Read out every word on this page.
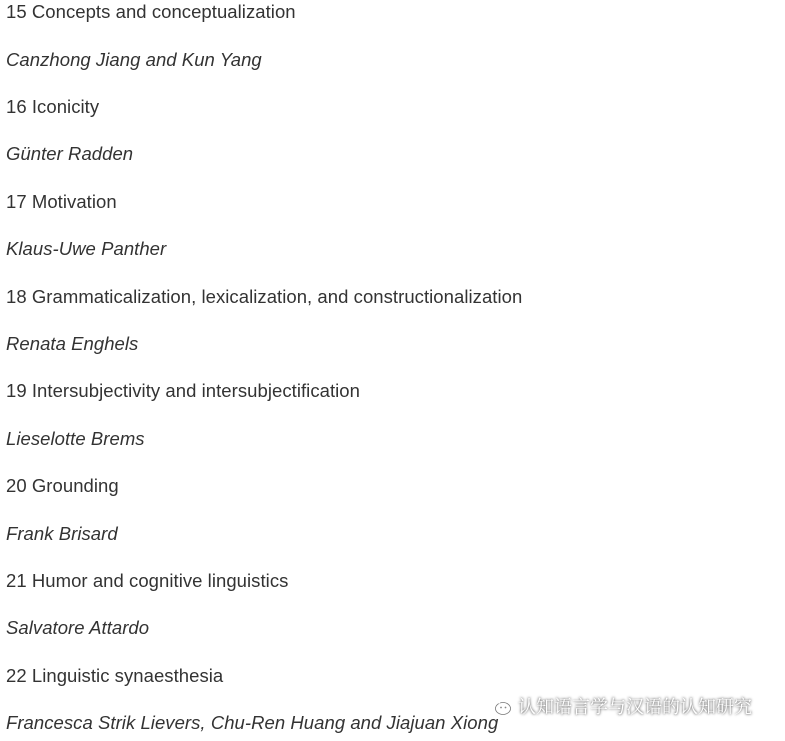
15 Concepts and conceptualization
Canzhong Jiang and Kun Yang
16 Iconicity
Günter Radden
17 Motivation
Klaus-Uwe Panther
18 Grammaticalization, lexicalization, and constructionalization
Renata Enghels
19 Intersubjectivity and intersubjectification
Lieselotte Brems
20 Grounding
Frank Brisard
21 Humor and cognitive linguistics
Salvatore Attardo
22 Linguistic synaesthesia
Francesca Strik Lievers, Chu-Ren Huang and Jiajuan Xiong
认知语言学与汉语的认知研究
